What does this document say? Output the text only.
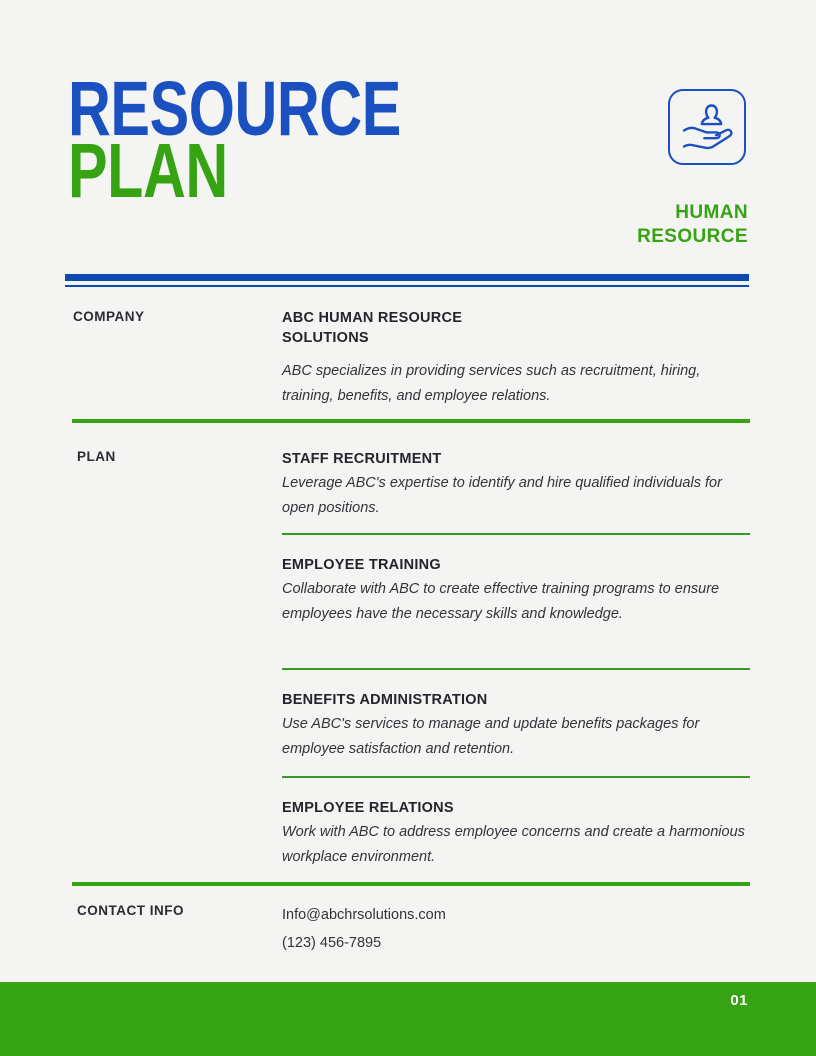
RESOURCE
PLAN	HUMAN
RESOURCE
COMPANY	ABC HUMAN RESOURCE
SOLUTIONS

ABC specializes in providing services such as recruitment, hiring, training, benefits, and employee relations.

PLAN	STAFF RECRUITMENT

Leverage ABC's expertise to identify and hire qualified individuals for open positions.

EMPLOYEE TRAINING

Collaborate with ABC to create effective training programs to ensure employees have the necessary skills and knowledge.

BENEFITS ADMINISTRATION

Use ABC's services to manage and update benefits packages for employee satisfaction and retention.

EMPLOYEE RELATIONS

Work with ABC to address employee concerns and create a harmonious workplace environment.

CONTACT INFO	Info@abchrsolutions.com

(123) 456-7895

01
